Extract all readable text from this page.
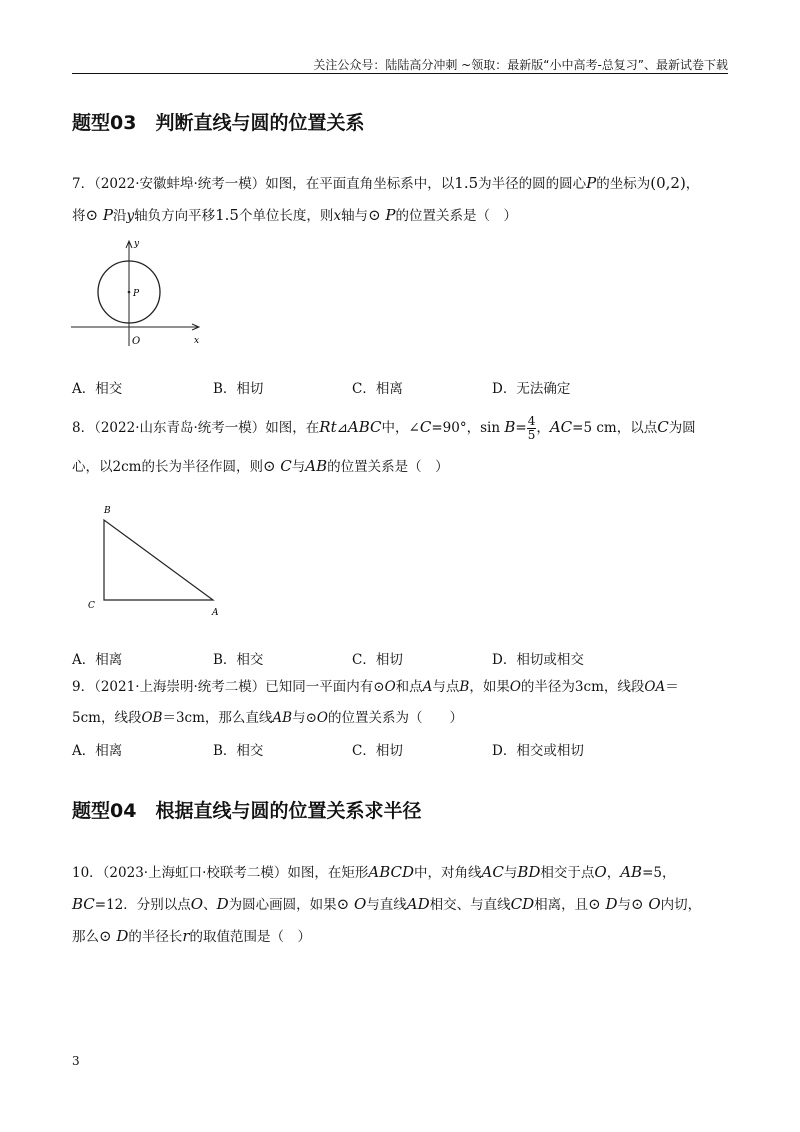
关注公众号：陆陆高分冲刺 ~领取：最新版“小中高考-总复习”、最新试卷下载
题型03　判断直线与圆的位置关系
7．（2022·安徽蚌埠·统考一模）如图，在平面直角坐标系中，以1.5为半径的圆的圆心P的坐标为(0,2)，
将⊙ P沿y轴负方向平移1.5个单位长度，则x轴与⊙ P的位置关系是（　）
y
x
O
P
A．相交	B．相切	C．相离	D．无法确定
8．（2022·山东青岛·统考一模）如图，在Rt⊿ABC中，∠C=90°，$\sin B= \frac{4}{5}$ ，AC=5 cm，以点C为圆
心，以2cm的长为半径作圆，则⊙ C与AB的位置关系是（　）
B
C
A
A．相离	B．相交	C．相切	D．相切或相交
9．（2021·上海崇明·统考二模）已知同一平面内有⊙O和点A与点B，如果O的半径为3cm，线段OA＝
5cm，线段OB＝3cm，那么直线AB与⊙O的位置关系为（　　）
A．相离	B．相交	C．相切	D．相交或相切
题型04　根据直线与圆的位置关系求半径
10．（2023·上海虹口·校联考二模）如图，在矩形ABCD中，对角线AC与BD相交于点O，AB=5，
BC=12．分别以点O、D为圆心画圆，如果⊙ O与直线AD相交、与直线CD相离，且⊙ D与⊙ O内切，
那么⊙ D的半径长r的取值范围是（　）
3
